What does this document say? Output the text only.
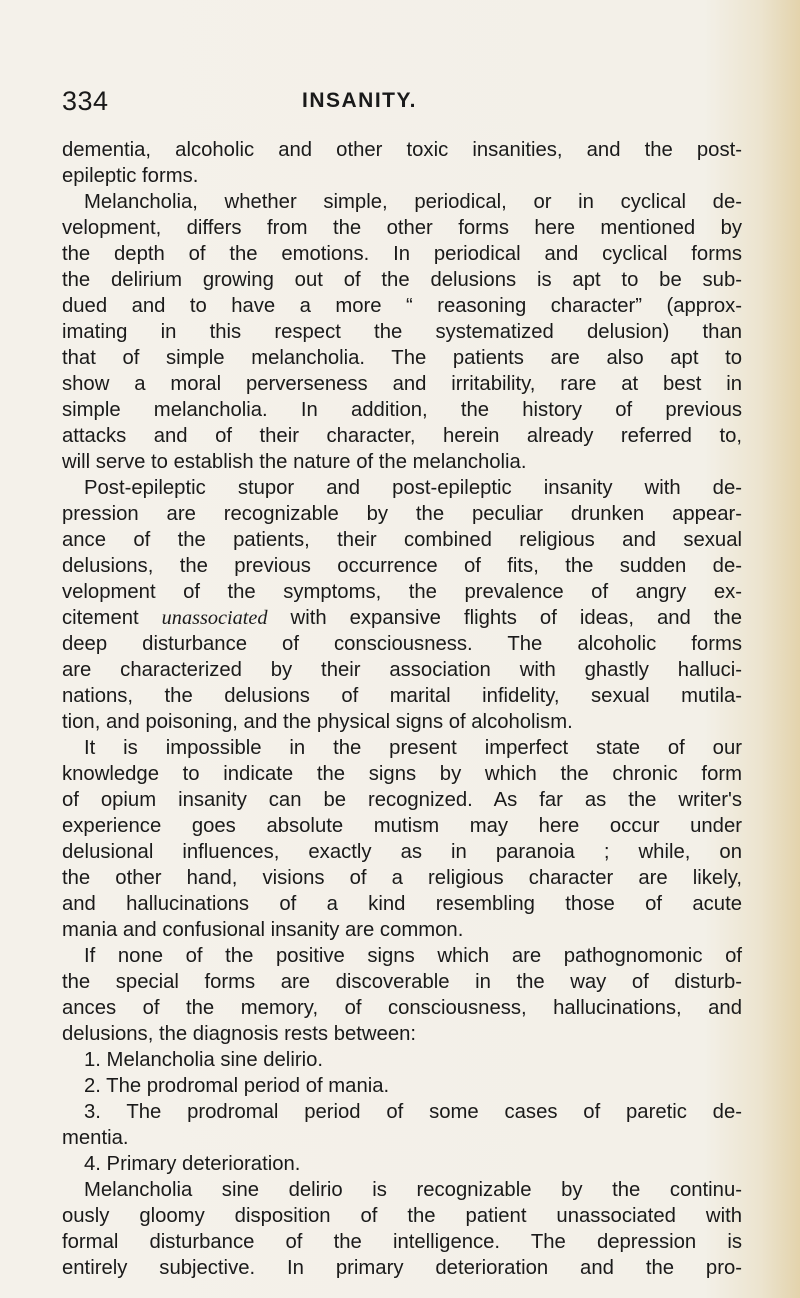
334	INSANITY.
dementia, alcoholic and other toxic insanities, and the post-
epileptic forms.
Melancholia, whether simple, periodical, or in cyclical de-
velopment, differs from the other forms here mentioned by
the depth of the emotions. In periodical and cyclical forms
the delirium growing out of the delusions is apt to be sub-
dued and to have a more “ reasoning character” (approx-
imating in this respect the systematized delusion) than
that of simple melancholia. The patients are also apt to
show a moral perverseness and irritability, rare at best in
simple melancholia. In addition, the history of previous
attacks and of their character, herein already referred to,
will serve to establish the nature of the melancholia.
Post-epileptic stupor and post-epileptic insanity with de-
pression are recognizable by the peculiar drunken appear-
ance of the patients, their combined religious and sexual
delusions, the previous occurrence of fits, the sudden de-
velopment of the symptoms, the prevalence of angry ex-
citement unassociated with expansive flights of ideas, and the
deep disturbance of consciousness. The alcoholic forms
are characterized by their association with ghastly halluci-
nations, the delusions of marital infidelity, sexual mutila-
tion, and poisoning, and the physical signs of alcoholism.
It is impossible in the present imperfect state of our
knowledge to indicate the signs by which the chronic form
of opium insanity can be recognized. As far as the writer's
experience goes absolute mutism may here occur under
delusional influences, exactly as in paranoia ; while, on
the other hand, visions of a religious character are likely,
and hallucinations of a kind resembling those of acute
mania and confusional insanity are common.
If none of the positive signs which are pathognomonic of
the special forms are discoverable in the way of disturb-
ances of the memory, of consciousness, hallucinations, and
delusions, the diagnosis rests between:
1. Melancholia sine delirio.
2. The prodromal period of mania.
3. The prodromal period of some cases of paretic de-
mentia.
4. Primary deterioration.
Melancholia sine delirio is recognizable by the continu-
ously gloomy disposition of the patient unassociated with
formal disturbance of the intelligence. The depression is
entirely subjective. In primary deterioration and the pro-
